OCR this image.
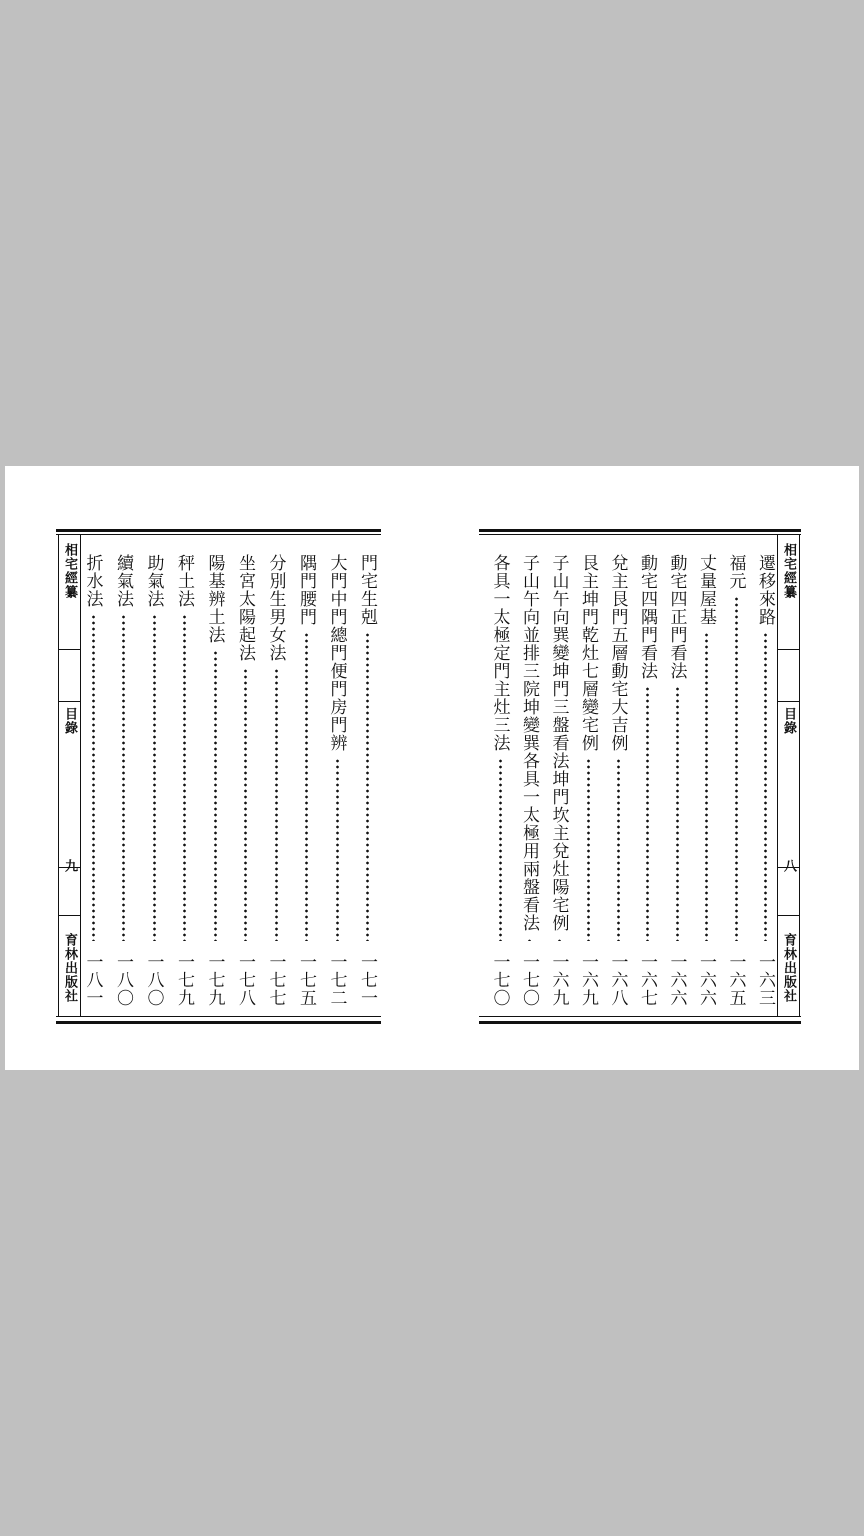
相宅經纂
目錄
九
育林出版社
門宅生剋
一七一
大門中門總門便門房門辨
一七二
隅門腰門
一七五
分別生男女法
一七七
坐宮太陽起法
一七八
陽基辨土法
一七九
秤土法
一七九
助氣法
一八〇
續氣法
一八〇
折水法
一八一
相宅經纂
目錄
八
育林出版社
遷移來路
一六三
福元
一六五
丈量屋基
一六六
動宅四正門看法
一六六
動宅四隅門看法
一六七
兌主艮門五層動宅大吉例
一六八
艮主坤門乾灶七層變宅例
一六九
子山午向巽變坤門三盤看法坤門坎主兌灶陽宅例
一六九
子山午向並排三院坤變巽各具一太極用兩盤看法
一七〇
各具一太極定門主灶三法
一七〇
